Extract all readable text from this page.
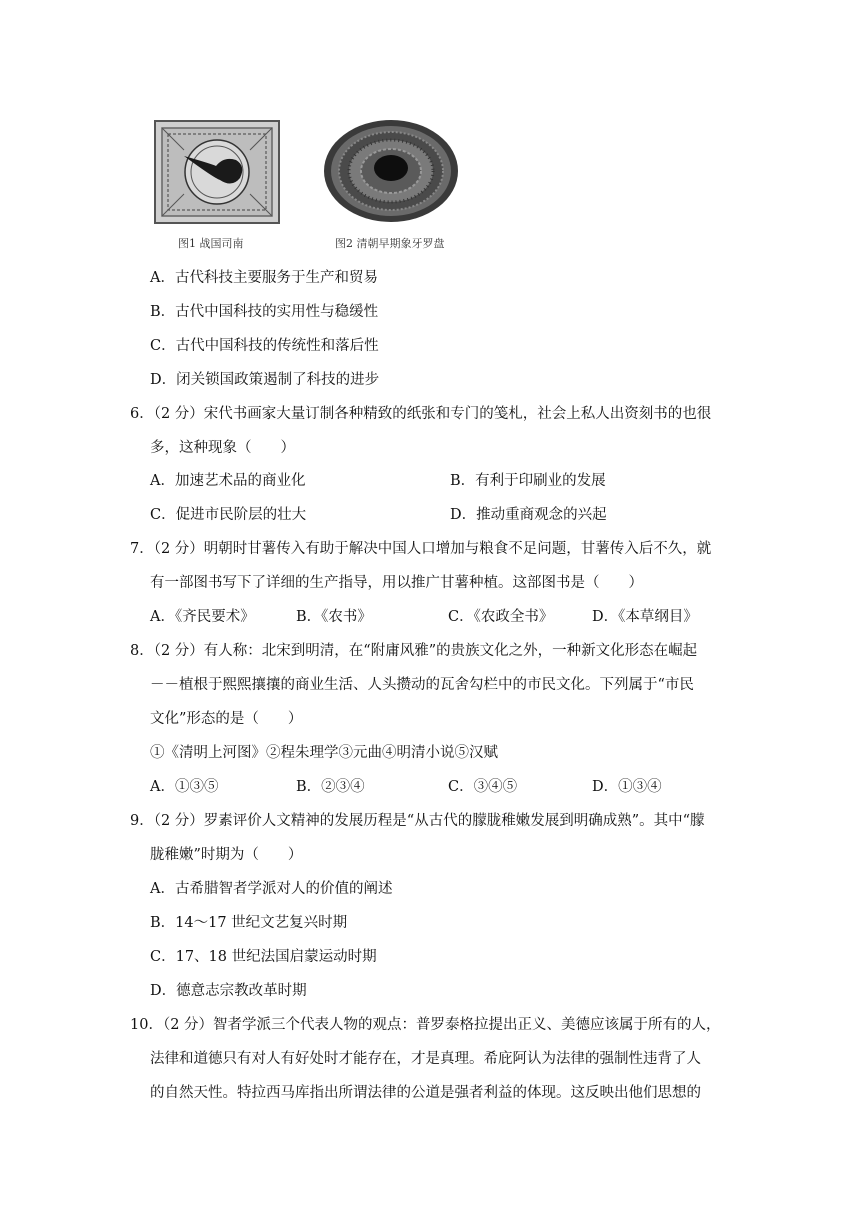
图1 战国司南	图2 清朝早期象牙罗盘
A．古代科技主要服务于生产和贸易
B．古代中国科技的实用性与稳缓性
C．古代中国科技的传统性和落后性
D．闭关锁国政策遏制了科技的进步
6．（2 分）宋代书画家大量订制各种精致的纸张和专门的笺札，社会上私人出资刻书的也很
多，这种现象（　　）
A．加速艺术品的商业化	B．有利于印刷业的发展
C．促进市民阶层的壮大	D．推动重商观念的兴起
7．（2 分）明朝时甘薯传入有助于解决中国人口增加与粮食不足问题，甘薯传入后不久，就
有一部图书写下了详细的生产指导，用以推广甘薯种植。这部图书是（　　）
A．《齐民要术》	B．《农书》	C．《农政全书》	D．《本草纲目》
8．（2 分）有人称：北宋到明清，在“附庸风雅”的贵族文化之外，一种新文化形态在崛起
－－植根于熙熙攘攘的商业生活、人头攒动的瓦舍勾栏中的市民文化。下列属于“市民
文化”形态的是（　　）
①《清明上河图》②程朱理学③元曲④明清小说⑤汉赋
A．①③⑤	B．②③④	C．③④⑤	D．①③④
9．（2 分）罗素评价人文精神的发展历程是“从古代的朦胧稚嫩发展到明确成熟”。其中“朦
胧稚嫩”时期为（　　）
A．古希腊智者学派对人的价值的阐述
B．14～17 世纪文艺复兴时期
C．17、18 世纪法国启蒙运动时期
D．德意志宗教改革时期
10．（2 分）智者学派三个代表人物的观点：普罗泰格拉提出正义、美德应该属于所有的人，
法律和道德只有对人有好处时才能存在，才是真理。希庇阿认为法律的强制性违背了人
的自然天性。特拉西马库指出所谓法律的公道是强者利益的体现。这反映出他们思想的
